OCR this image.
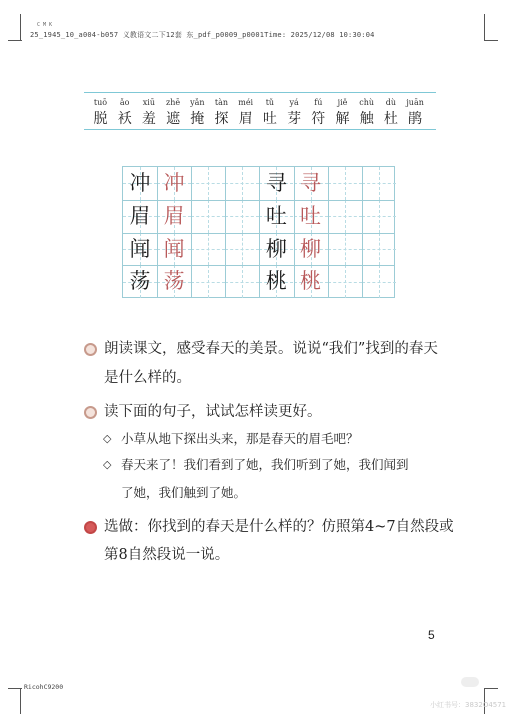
C M K
25_1945_10_a004-b057 义教语文二下12套 东_pdf_p0009_p0001Time: 2025/12/08 10:30:04
tuō
脱
ǎo
袄
xiū
羞
zhē
遮
yǎn
掩
tàn
探
méi
眉
tǔ
吐
yá
芽
fú
符
jiě
解
chù
触
dù
杜
juān
鹃
冲 冲
眉 眉
闻 闻
荡 荡
寻 寻
吐 吐
柳 柳
桃 桃
朗读课文，感受春天的美景。说说“我们”找到的春天
是什么样的。
读下面的句子，试试怎样读更好。
◇ 小草从地下探出头来，那是春天的眉毛吧？
◇ 春天来了！我们看到了她，我们听到了她，我们闻到
了她，我们触到了她。
选做：你找到的春天是什么样的？仿照第4~7自然段或
第8自然段说一说。
5
RicohC9200
小红书号：3832O4571
